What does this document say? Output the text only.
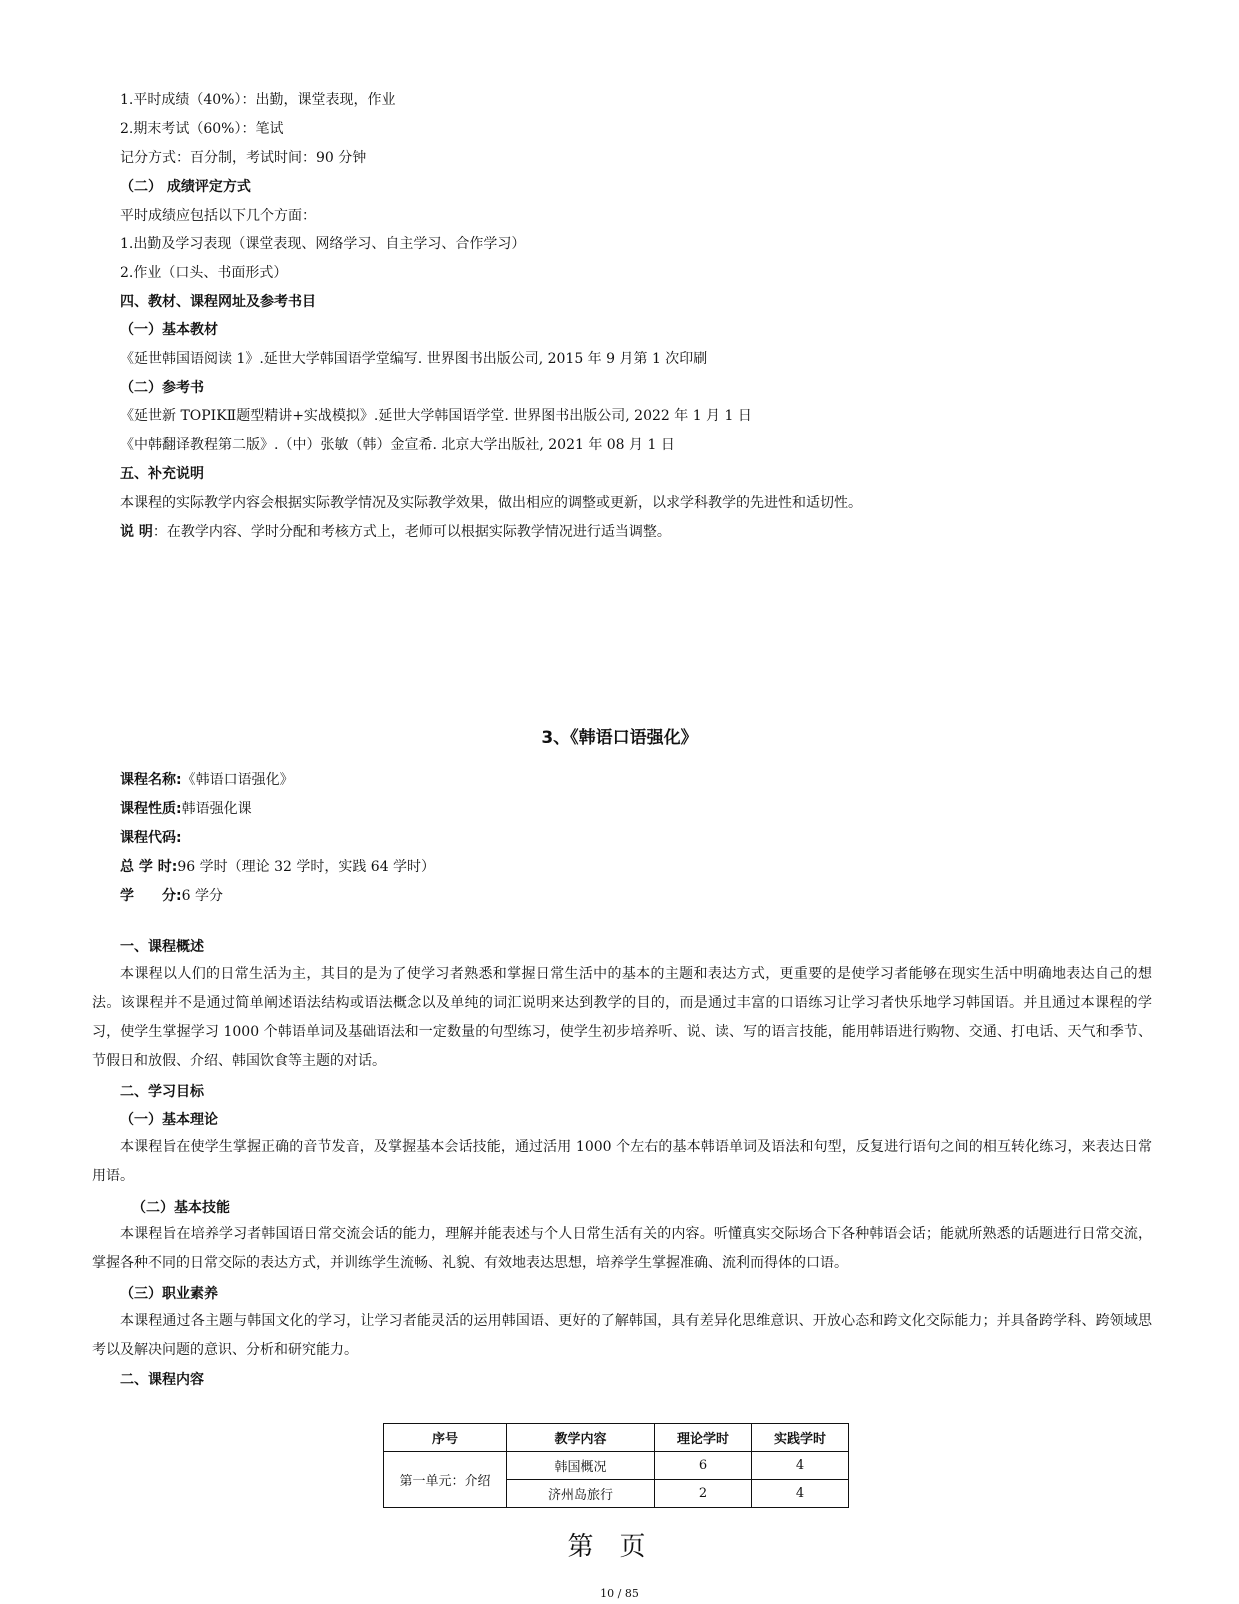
1.平时成绩（40%）：出勤，课堂表现，作业
2.期末考试（60%）：笔试
记分方式：百分制，考试时间：90 分钟
（二） 成绩评定方式
平时成绩应包括以下几个方面：
1.出勤及学习表现（课堂表现、网络学习、自主学习、合作学习）
2.作业（口头、书面形式）
四、教材、课程网址及参考书目
（一）基本教材
《延世韩国语阅读 1》.延世大学韩国语学堂编写. 世界图书出版公司, 2015 年 9 月第 1 次印刷
（二）参考书
《延世新 TOPIKⅡ题型精讲+实战模拟》.延世大学韩国语学堂. 世界图书出版公司, 2022 年 1 月 1 日
《中韩翻译教程第二版》.（中）张敏（韩）金宣希. 北京大学出版社, 2021 年 08 月 1 日
五、补充说明
本课程的实际教学内容会根据实际教学情况及实际教学效果，做出相应的调整或更新，以求学科教学的先进性和适切性。
说 明：在教学内容、学时分配和考核方式上，老师可以根据实际教学情况进行适当调整。
3、《韩语口语强化》
课程名称:《韩语口语强化》
课程性质:韩语强化课
课程代码:
总 学 时:96 学时（理论 32 学时，实践 64 学时）
学　　分:6 学分
一、课程概述
本课程以人们的日常生活为主，其目的是为了使学习者熟悉和掌握日常生活中的基本的主题和表达方式，更重要的是使学习者能够在现实生活中明确地表达自己的想法。该课程并不是通过简单阐述语法结构或语法概念以及单纯的词汇说明来达到教学的目的，而是通过丰富的口语练习让学习者快乐地学习韩国语。并且通过本课程的学习，使学生掌握学习 1000 个韩语单词及基础语法和一定数量的句型练习，使学生初步培养听、说、读、写的语言技能，能用韩语进行购物、交通、打电话、天气和季节、节假日和放假、介绍、韩国饮食等主题的对话。
二、学习目标
（一）基本理论
本课程旨在使学生掌握正确的音节发音，及掌握基本会话技能，通过活用 1000 个左右的基本韩语单词及语法和句型，反复进行语句之间的相互转化练习，来表达日常用语。
（二）基本技能
本课程旨在培养学习者韩国语日常交流会话的能力，理解并能表述与个人日常生活有关的内容。听懂真实交际场合下各种韩语会话；能就所熟悉的话题进行日常交流，掌握各种不同的日常交际的表达方式，并训练学生流畅、礼貌、有效地表达思想，培养学生掌握准确、流利而得体的口语。
（三）职业素养
本课程通过各主题与韩国文化的学习，让学习者能灵活的运用韩国语、更好的了解韩国，具有差异化思维意识、开放心态和跨文化交际能力；并具备跨学科、跨领域思考以及解决问题的意识、分析和研究能力。
二、课程内容
序号	教学内容	理论学时	实践学时
第一单元：介绍	韩国概况	6	4
	济州岛旅行	2	4
第页
10 / 85
